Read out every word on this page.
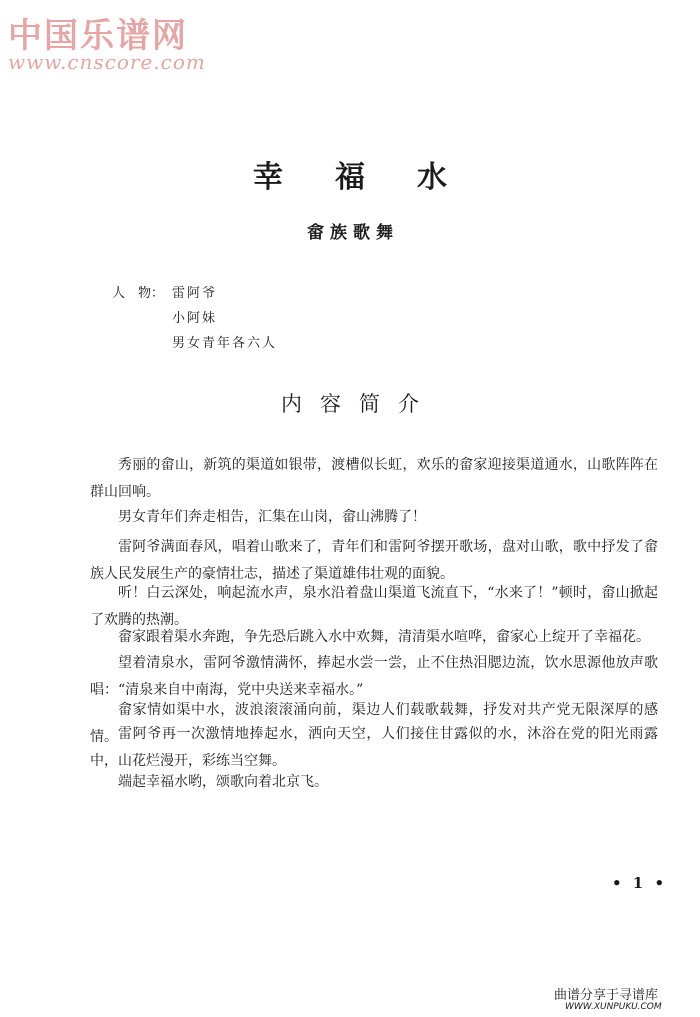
中国乐谱网
www.cnscore.com
幸福水
畲族歌舞
人　物： 雷阿爷
小阿妹
男女青年各六人
内容简介

秀丽的畲山，新筑的渠道如银带，渡槽似长虹，欢乐的畲家迎接渠道通水，山歌阵阵在群山回响。

男女青年们奔走相告，汇集在山岗，畲山沸腾了！

雷阿爷满面春风，唱着山歌来了，青年们和雷阿爷摆开歌场，盘对山歌，歌中抒发了畲族人民发展生产的豪情壮志，描述了渠道雄伟壮观的面貌。

听！白云深处，响起流水声，泉水沿着盘山渠道飞流直下，“水来了！”顿时，畲山掀起了欢腾的热潮。

畲家跟着渠水奔跑，争先恐后跳入水中欢舞，清清渠水喧哗，畲家心上绽开了幸福花。

望着清泉水，雷阿爷激情满怀，捧起水尝一尝，止不住热泪腮边流，饮水思源他放声歌唱：“清泉来自中南海，党中央送来幸福水。”

畲家情如渠中水，波浪滚滚涌向前，渠边人们载歌载舞，抒发对共产党无限深厚的感情。 雷阿爷再一次激情地捧起水，洒向天空，人们接住甘露似的水，沐浴在党的阳光雨露中，山花烂漫开，彩练当空舞。

端起幸福水哟，颂歌向着北京飞。

• 1 •
曲谱分享于寻谱库
WWW.XUNPUKU.COM
